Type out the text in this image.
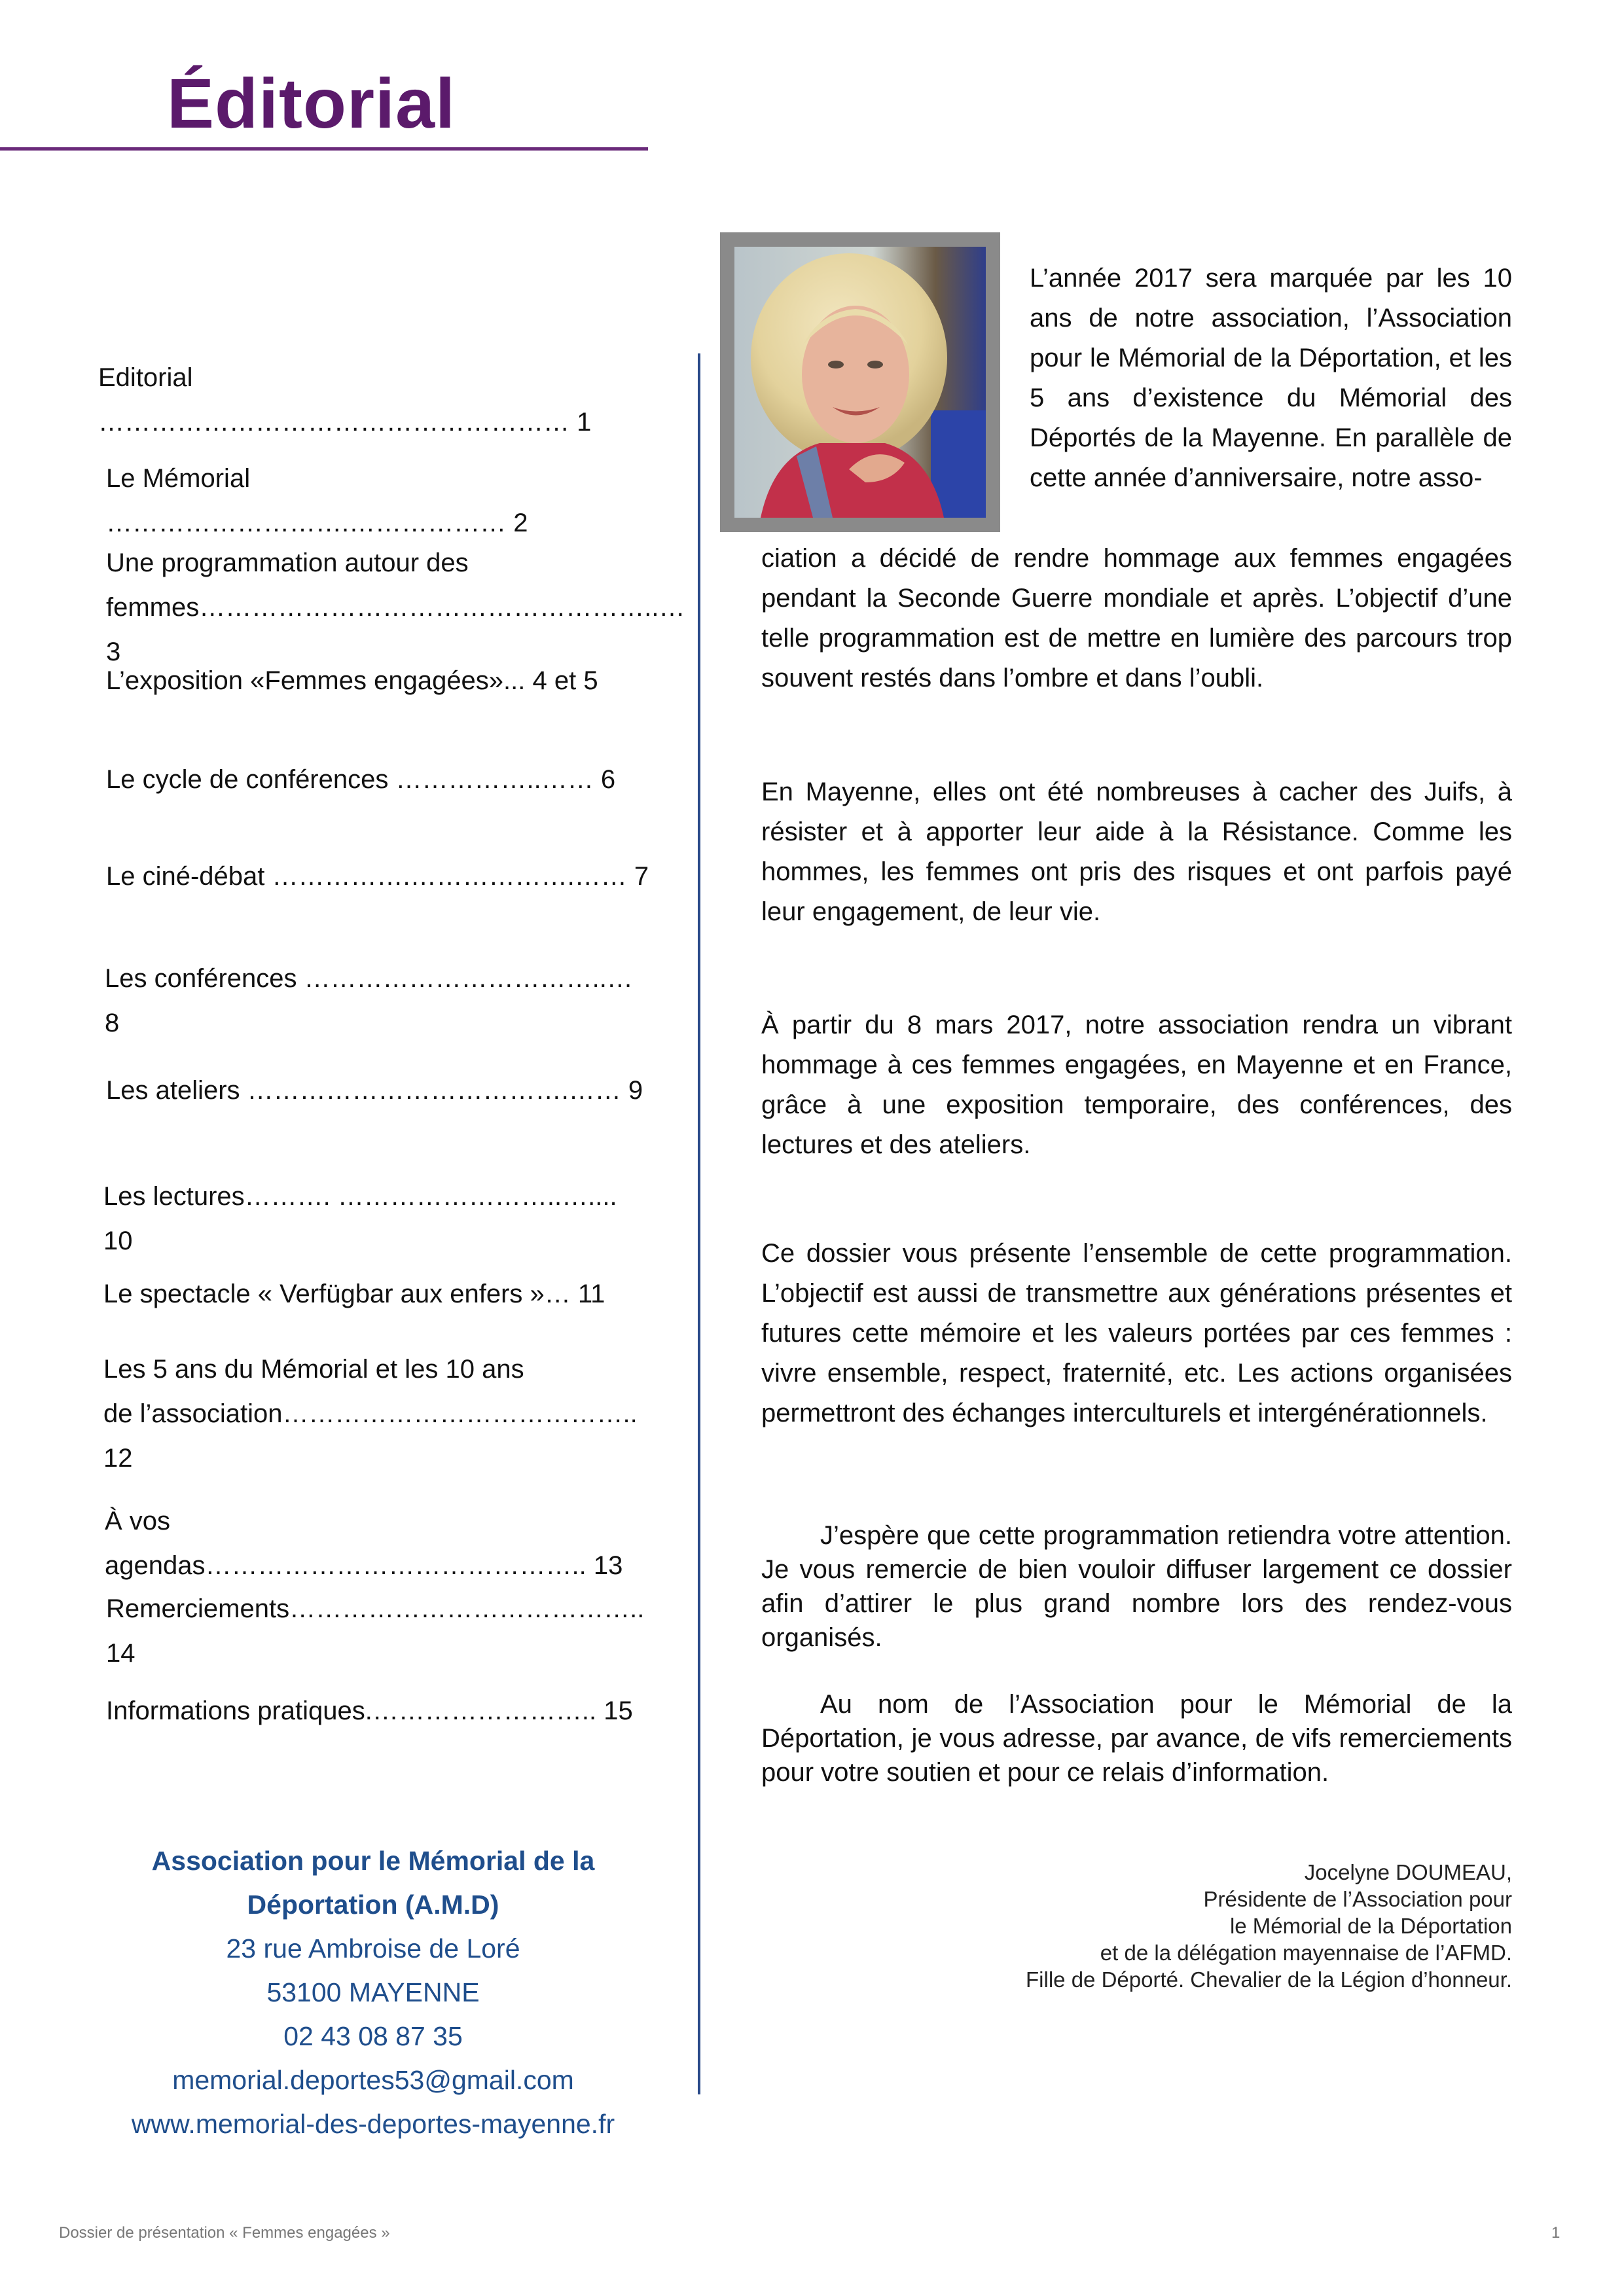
Éditorial
Editorial ……………………………………………… 1
Le Mémorial ……………………….……………… 2
Une programmation autour des
femmes……………………………………………..… 3
L’exposition «Femmes engagées»... 4 et 5
Le cycle de conférences ……………..…… 6
Le ciné-débat …………….……………….…… 7
Les conférences ……………………………..… 8
Les ateliers ……………………………….…… 9
Les lectures………. ……………………..….... 10
Le spectacle « Verfügbar aux enfers »… 11
Les 5 ans du Mémorial et les 10 ans
de l’association………………………………….. 12
À vos agendas…………………………………….. 13
Remerciements………………………………….. 14
Informations pratiques.…………………….. 15
Association pour le Mémorial de la
Déportation (A.M.D)
23 rue Ambroise de Loré
53100 MAYENNE
02 43 08 87 35
memorial.deportes53@gmail.com
www.memorial-des-deportes-mayenne.fr

L’année 2017 sera marquée par les 10 ans de notre association, l’Association pour le Mémorial de la Déportation, et les 5 ans d’existence du Mémorial des Déportés de la Mayenne. En parallèle de cette année d’anniversaire, notre asso-

ciation a décidé de rendre hommage aux femmes engagées pendant la Seconde Guerre mondiale et après. L’objectif d’une telle programmation est de mettre en lumière des parcours trop souvent restés dans l’ombre et dans l’oubli.

En Mayenne, elles ont été nombreuses à cacher des Juifs, à résister et à apporter leur aide à la Résistance. Comme les hommes, les femmes ont pris des risques et ont parfois payé leur engagement, de leur vie.

À partir du 8 mars 2017, notre association rendra un vibrant hommage à ces femmes engagées, en Mayenne et en France, grâce à une exposition temporaire, des conférences, des lectures et des ateliers.

Ce dossier vous présente l’ensemble de cette programmation. L’objectif est aussi de transmettre aux générations présentes et futures cette mémoire et les valeurs portées par ces femmes : vivre ensemble, respect, fraternité, etc. Les actions organisées permettront des échanges interculturels et intergénérationnels.

J’espère que cette programmation retiendra votre attention. Je vous remercie de bien vouloir diffuser largement ce dossier afin d’attirer le plus grand nombre lors des rendez-vous organisés.

Au nom de l’Association pour le Mémorial de la Déportation, je vous adresse, par avance, de vifs remerciements pour votre soutien et pour ce relais d’information.

Jocelyne DOUMEAU,
Présidente de l’Association pour
le Mémorial de la Déportation
et de la délégation mayennaise de l’AFMD.
Fille de Déporté. Chevalier de la Légion d’honneur.
Dossier de présentation « Femmes engagées »	1
